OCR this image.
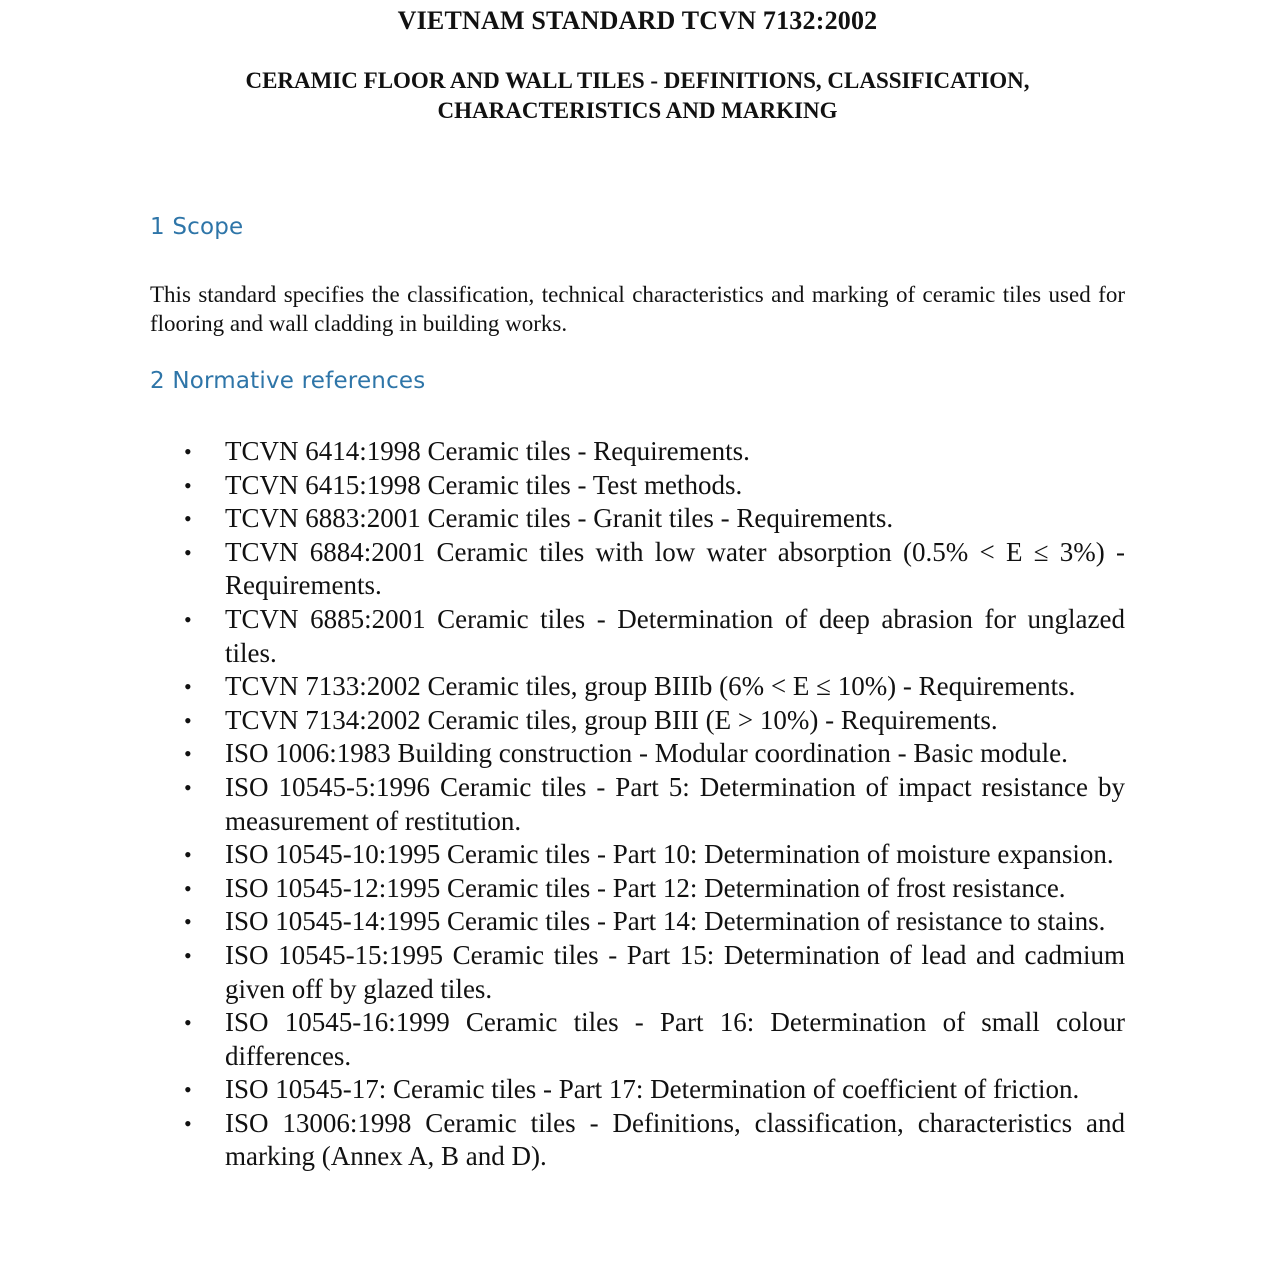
VIETNAM STANDARD TCVN 7132:2002
CERAMIC FLOOR AND WALL TILES - DEFINITIONS, CLASSIFICATION,
CHARACTERISTICS AND MARKING
1 Scope

This standard specifies the classification, technical characteristics and marking of ceramic tiles used for flooring and wall cladding in building works.

2 Normative references
•
TCVN 6414:1998 Ceramic tiles - Requirements.
•
TCVN 6415:1998 Ceramic tiles - Test methods.
•
TCVN 6883:2001 Ceramic tiles - Granit tiles - Requirements.
•
TCVN 6884:2001 Ceramic tiles with low water absorption (0.5% < E ≤ 3%) - Requirements.
•
TCVN 6885:2001 Ceramic tiles - Determination of deep abrasion for unglazed tiles.
•
TCVN 7133:2002 Ceramic tiles, group BIIIb (6% < E ≤ 10%) - Requirements.
•
TCVN 7134:2002 Ceramic tiles, group BIII (E > 10%) - Requirements.
•
ISO 1006:1983 Building construction - Modular coordination - Basic module.
•
ISO 10545-5:1996 Ceramic tiles - Part 5: Determination of impact resistance by measurement of restitution.
•
ISO 10545-10:1995 Ceramic tiles - Part 10: Determination of moisture expansion.
•
ISO 10545-12:1995 Ceramic tiles - Part 12: Determination of frost resistance.
•
ISO 10545-14:1995 Ceramic tiles - Part 14: Determination of resistance to stains.
•
ISO 10545-15:1995 Ceramic tiles - Part 15: Determination of lead and cadmium given off by glazed tiles.
•
ISO 10545-16:1999 Ceramic tiles - Part 16: Determination of small colour differences.
•
ISO 10545-17: Ceramic tiles - Part 17: Determination of coefficient of friction.
•
ISO 13006:1998 Ceramic tiles - Definitions, classification, characteristics and marking (Annex A, B and D).
